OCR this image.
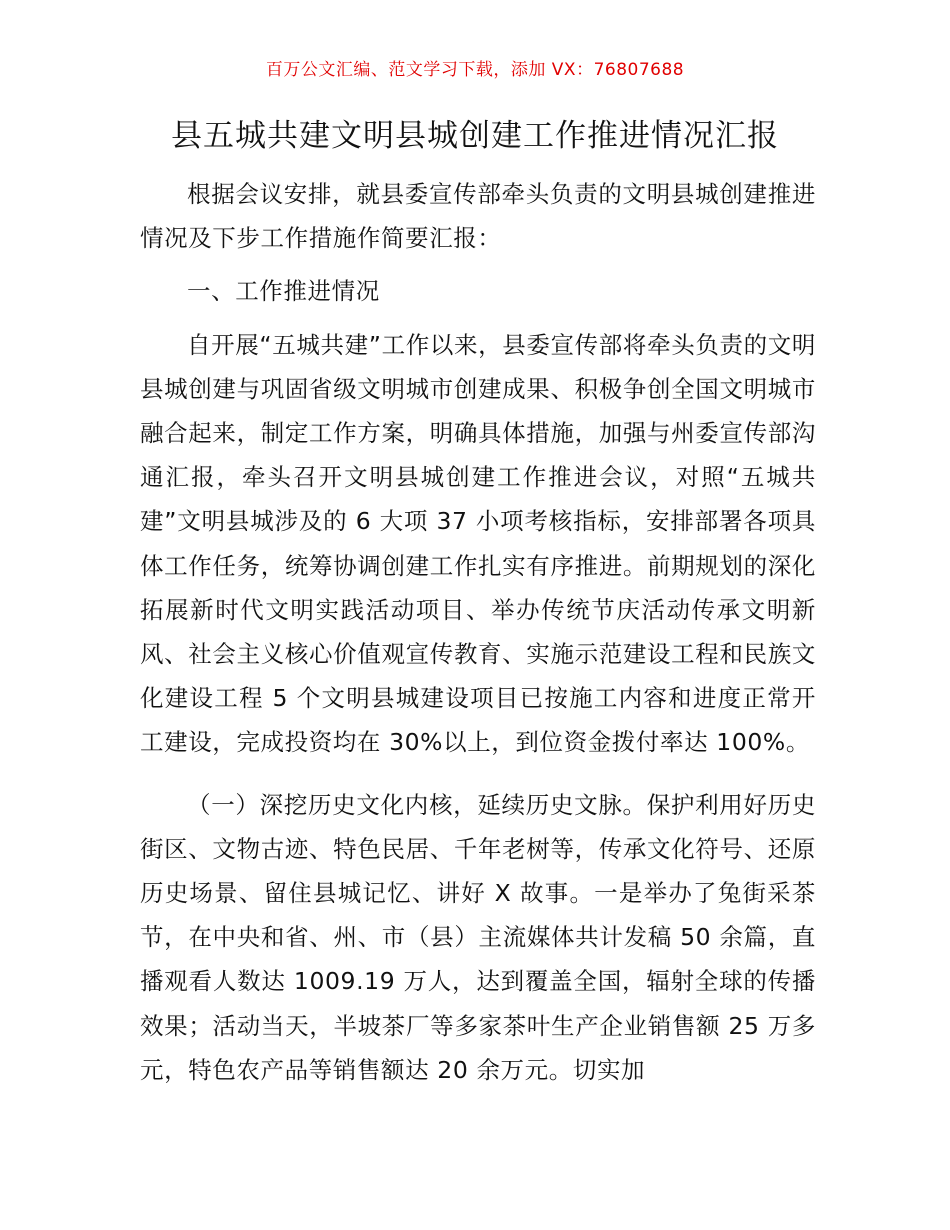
百万公文汇编、范文学习下载，添加 VX：76807688
县五城共建文明县城创建工作推进情况汇报

根据会议安排，就县委宣传部牵头负责的文明县城创建推进情况及下步工作措施作简要汇报：

一、工作推进情况

自开展“五城共建”工作以来，县委宣传部将牵头负责的文明县城创建与巩固省级文明城市创建成果、积极争创全国文明城市融合起来，制定工作方案，明确具体措施，加强与州委宣传部沟通汇报，牵头召开文明县城创建工作推进会议，对照“五城共建”文明县城涉及的 6 大项 37 小项考核指标，安排部署各项具体工作任务，统筹协调创建工作扎实有序推进。前期规划的深化拓展新时代文明实践活动项目、举办传统节庆活动传承文明新风、社会主义核心价值观宣传教育、实施示范建设工程和民族文化建设工程 5 个文明县城建设项目已按施工内容和进度正常开工建设，完成投资均在 30%以上，到位资金拨付率达 100%。

（一）深挖历史文化内核，延续历史文脉。保护利用好历史街区、文物古迹、特色民居、千年老树等，传承文化符号、还原历史场景、留住县城记忆、讲好 X 故事。一是举办了兔街采茶节，在中央和省、州、市（县）主流媒体共计发稿 50 余篇，直播观看人数达 1009.19 万人，达到覆盖全国，辐射全球的传播效果；活动当天，半坡茶厂等多家茶叶生产企业销售额 25 万多元，特色农产品等销售额达 20 余万元。切实加
